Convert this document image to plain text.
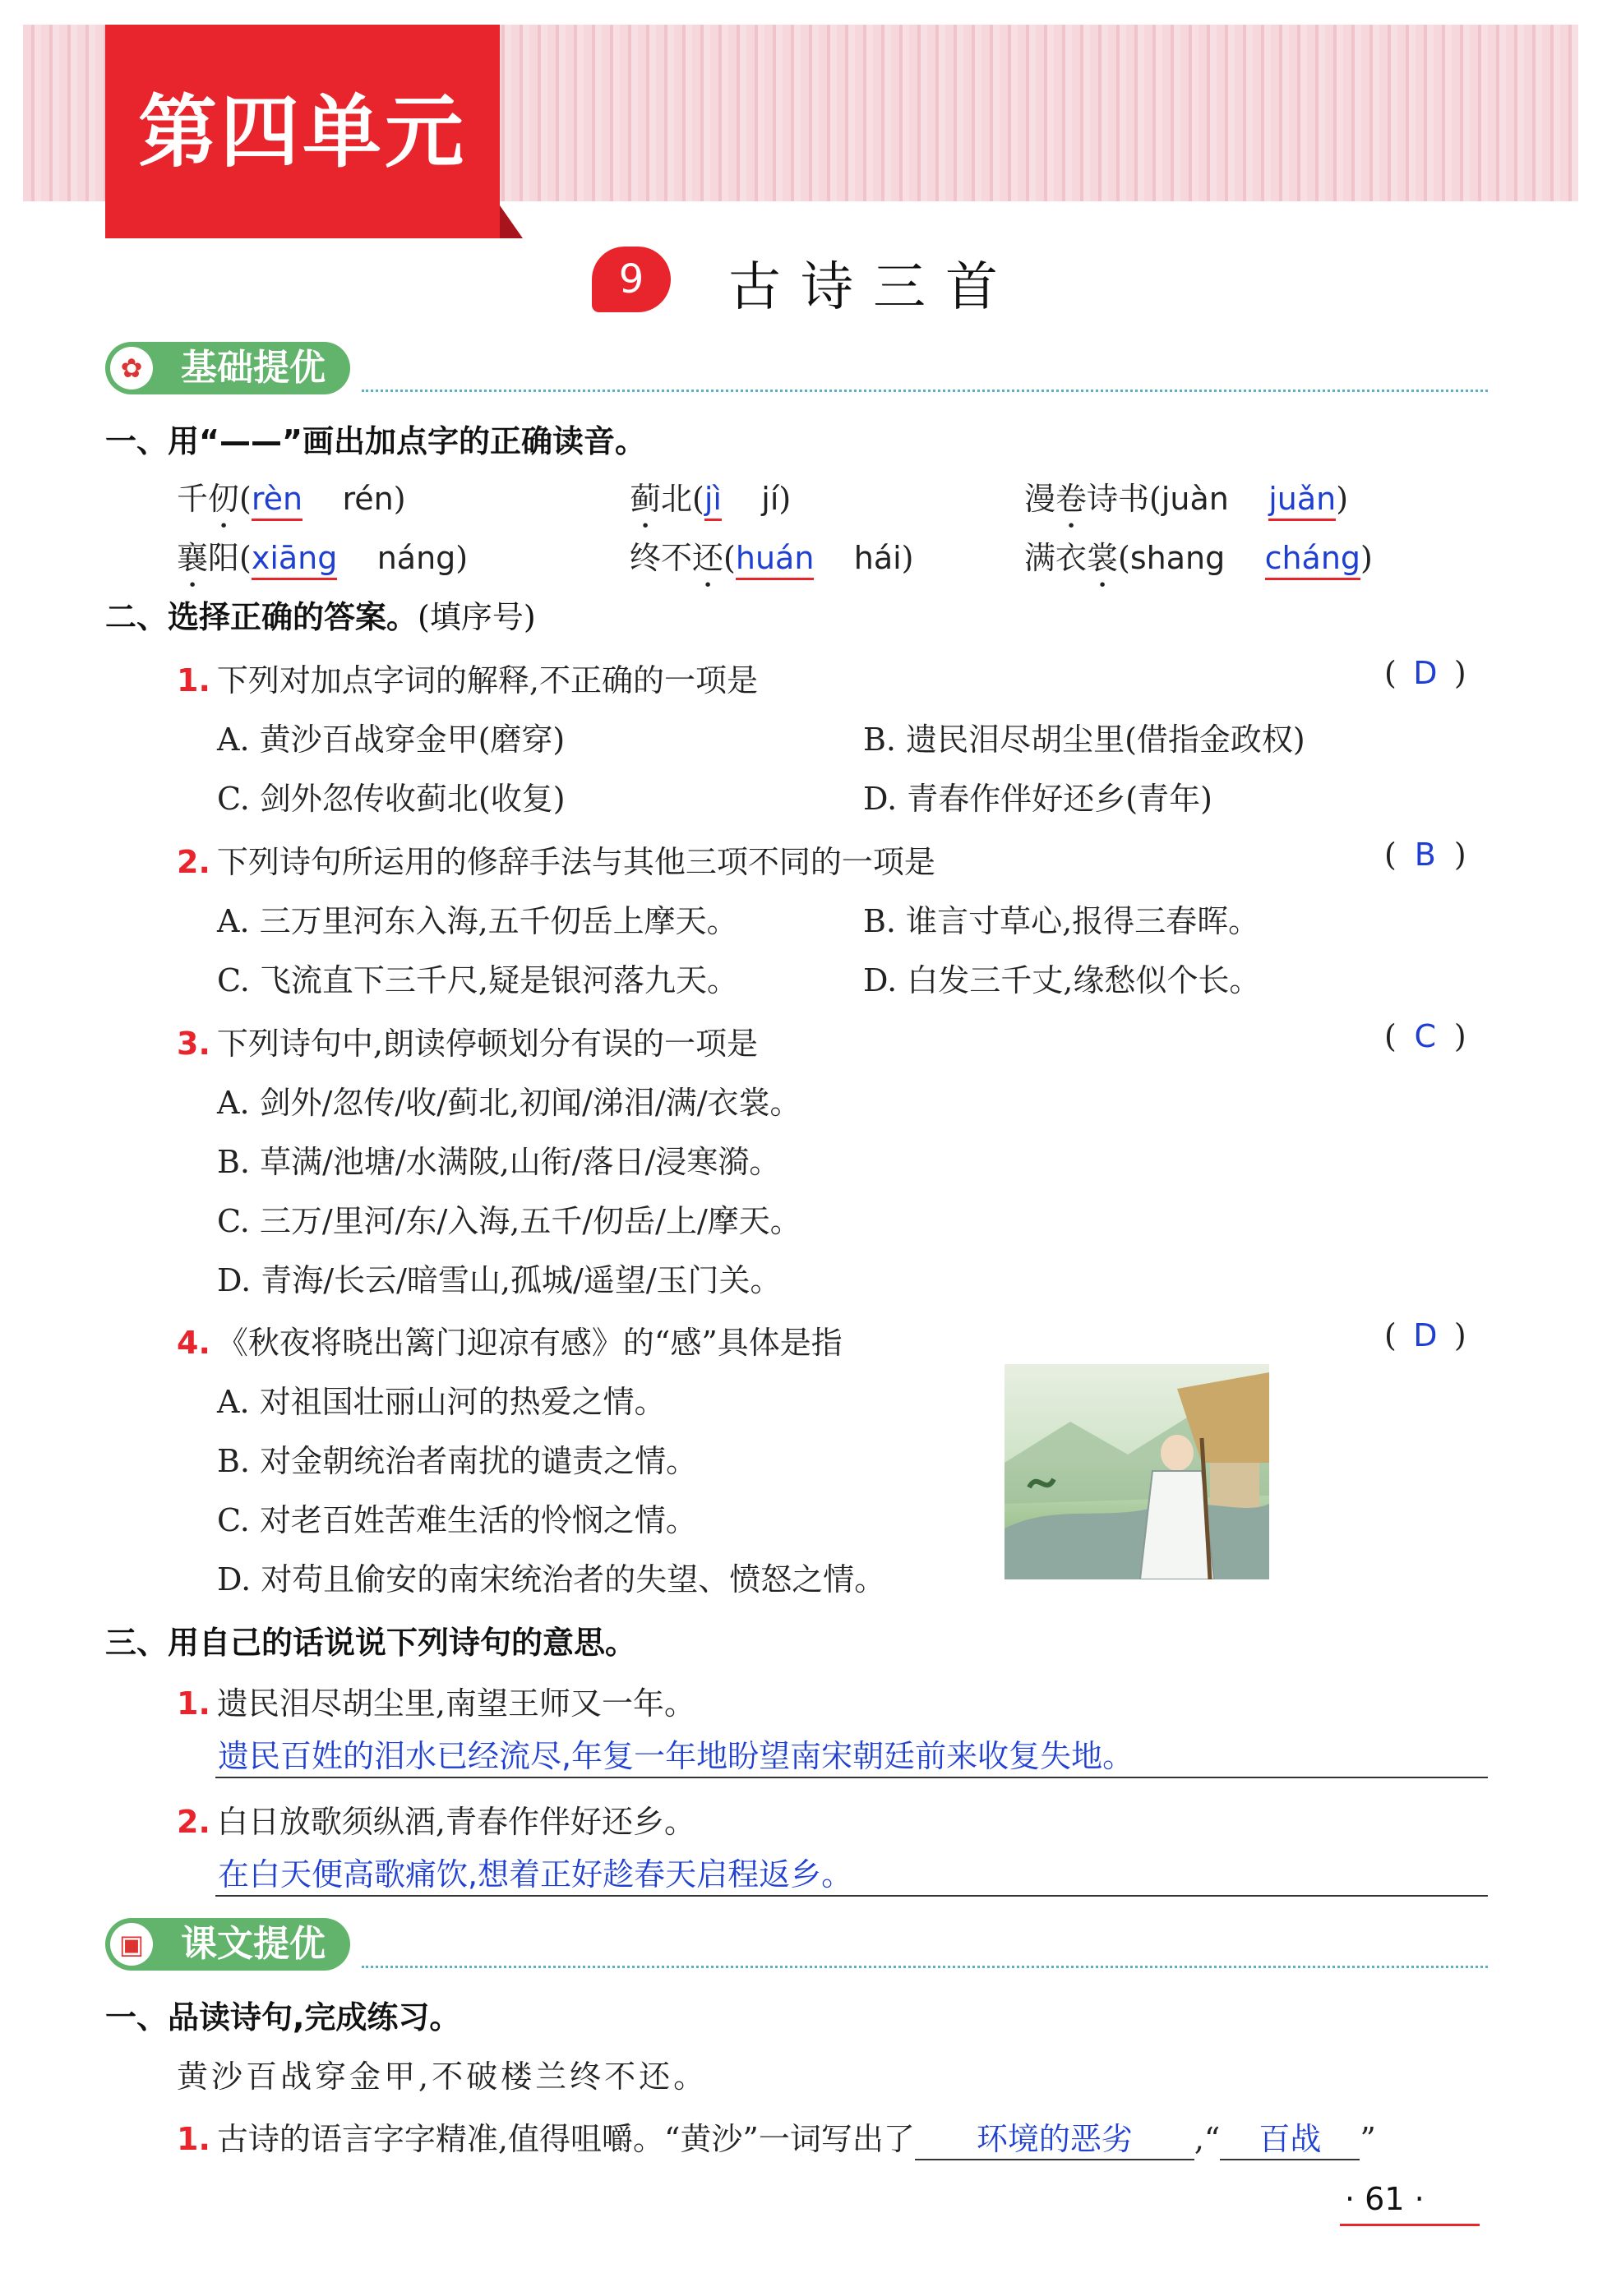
第四单元
9	古诗三首
✿ 基础提优
一、用“——”画出加点字的正确读音。
千仞(rèn rén)	蓟北(jì jí)	漫卷诗书(juàn juǎn)
襄阳(xiāng náng)	终不还(huán hái)	满衣裳(shang cháng)
二、选择正确的答案。(填序号)
1. 下列对加点字词的解释,不正确的一项是	( D )
A. 黄沙百战穿金甲(磨穿)	B. 遗民泪尽胡尘里(借指金政权)
C. 剑外忽传收蓟北(收复)	D. 青春作伴好还乡(青年)
2. 下列诗句所运用的修辞手法与其他三项不同的一项是	( B )
A. 三万里河东入海,五千仞岳上摩天。	B. 谁言寸草心,报得三春晖。
C. 飞流直下三千尺,疑是银河落九天。	D. 白发三千丈,缘愁似个长。
3. 下列诗句中,朗读停顿划分有误的一项是	( C )
A. 剑外/忽传/收/蓟北,初闻/涕泪/满/衣裳。
B. 草满/池塘/水满陂,山衔/落日/浸寒漪。
C. 三万/里河/东/入海,五千/仞岳/上/摩天。
D. 青海/长云/暗雪山,孤城/遥望/玉门关。
4. 《秋夜将晓出篱门迎凉有感》的“感”具体是指	( D )
A. 对祖国壮丽山河的热爱之情。
B. 对金朝统治者南扰的谴责之情。
C. 对老百姓苦难生活的怜悯之情。
D. 对苟且偷安的南宋统治者的失望、愤怒之情。
三、用自己的话说说下列诗句的意思。
1. 遗民泪尽胡尘里,南望王师又一年。
遗民百姓的泪水已经流尽,年复一年地盼望南宋朝廷前来收复失地。
2. 白日放歌须纵酒,青春作伴好还乡。
在白天便高歌痛饮,想着正好趁春天启程返乡。
▣ 课文提优
一、品读诗句,完成练习。
黄沙百战穿金甲,不破楼兰终不还。
1. 古诗的语言字字精准,值得咀嚼。“黄沙”一词写出了 环境的恶劣 ,“ 百战 ”
· 61 ·
